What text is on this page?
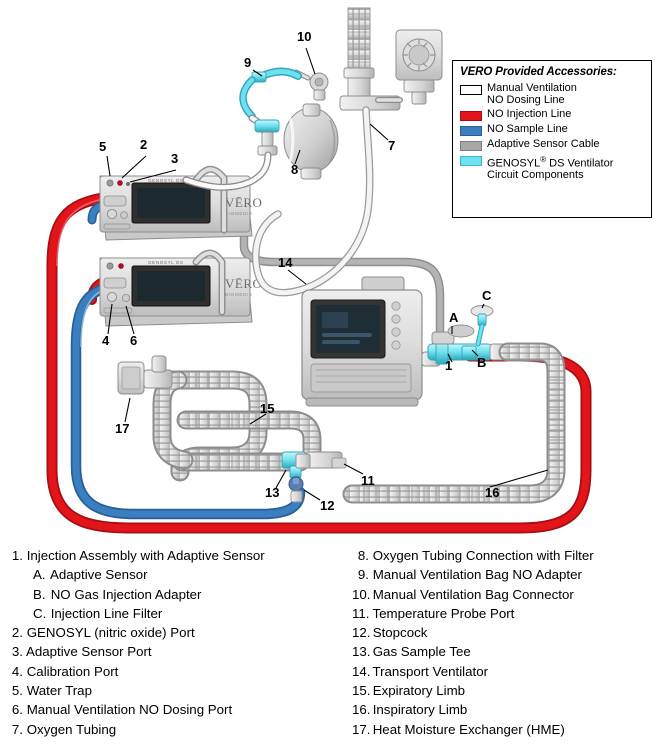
VĒRO
BIOMEDIX
GENOSYL DS
VĒRO
BIOMEDIX
GENOSYL DS
1
2
3
4
5
6
7
8
9
10
11
12
13
14
15
16
17
A
B
C
VERO Provided Accessories:
Manual Ventilation
NO Dosing Line
NO Injection Line
NO Sample Line
Adaptive Sensor Cable
GENOSYL® DS Ventilator
Circuit Components
1. Injection Assembly with Adaptive Sensor
A. Adaptive Sensor
B. NO Gas Injection Adapter
C. Injection Line Filter
2. GENOSYL (nitric oxide) Port
3. Adaptive Sensor Port
4. Calibration Port
5. Water Trap
6. Manual Ventilation NO Dosing Port
7. Oxygen Tubing
8. Oxygen Tubing Connection with Filter
9. Manual Ventilation Bag NO Adapter
10. Manual Ventilation Bag Connector
11. Temperature Probe Port
12. Stopcock
13. Gas Sample Tee
14. Transport Ventilator
15. Expiratory Limb
16. Inspiratory Limb
17. Heat Moisture Exchanger (HME)
